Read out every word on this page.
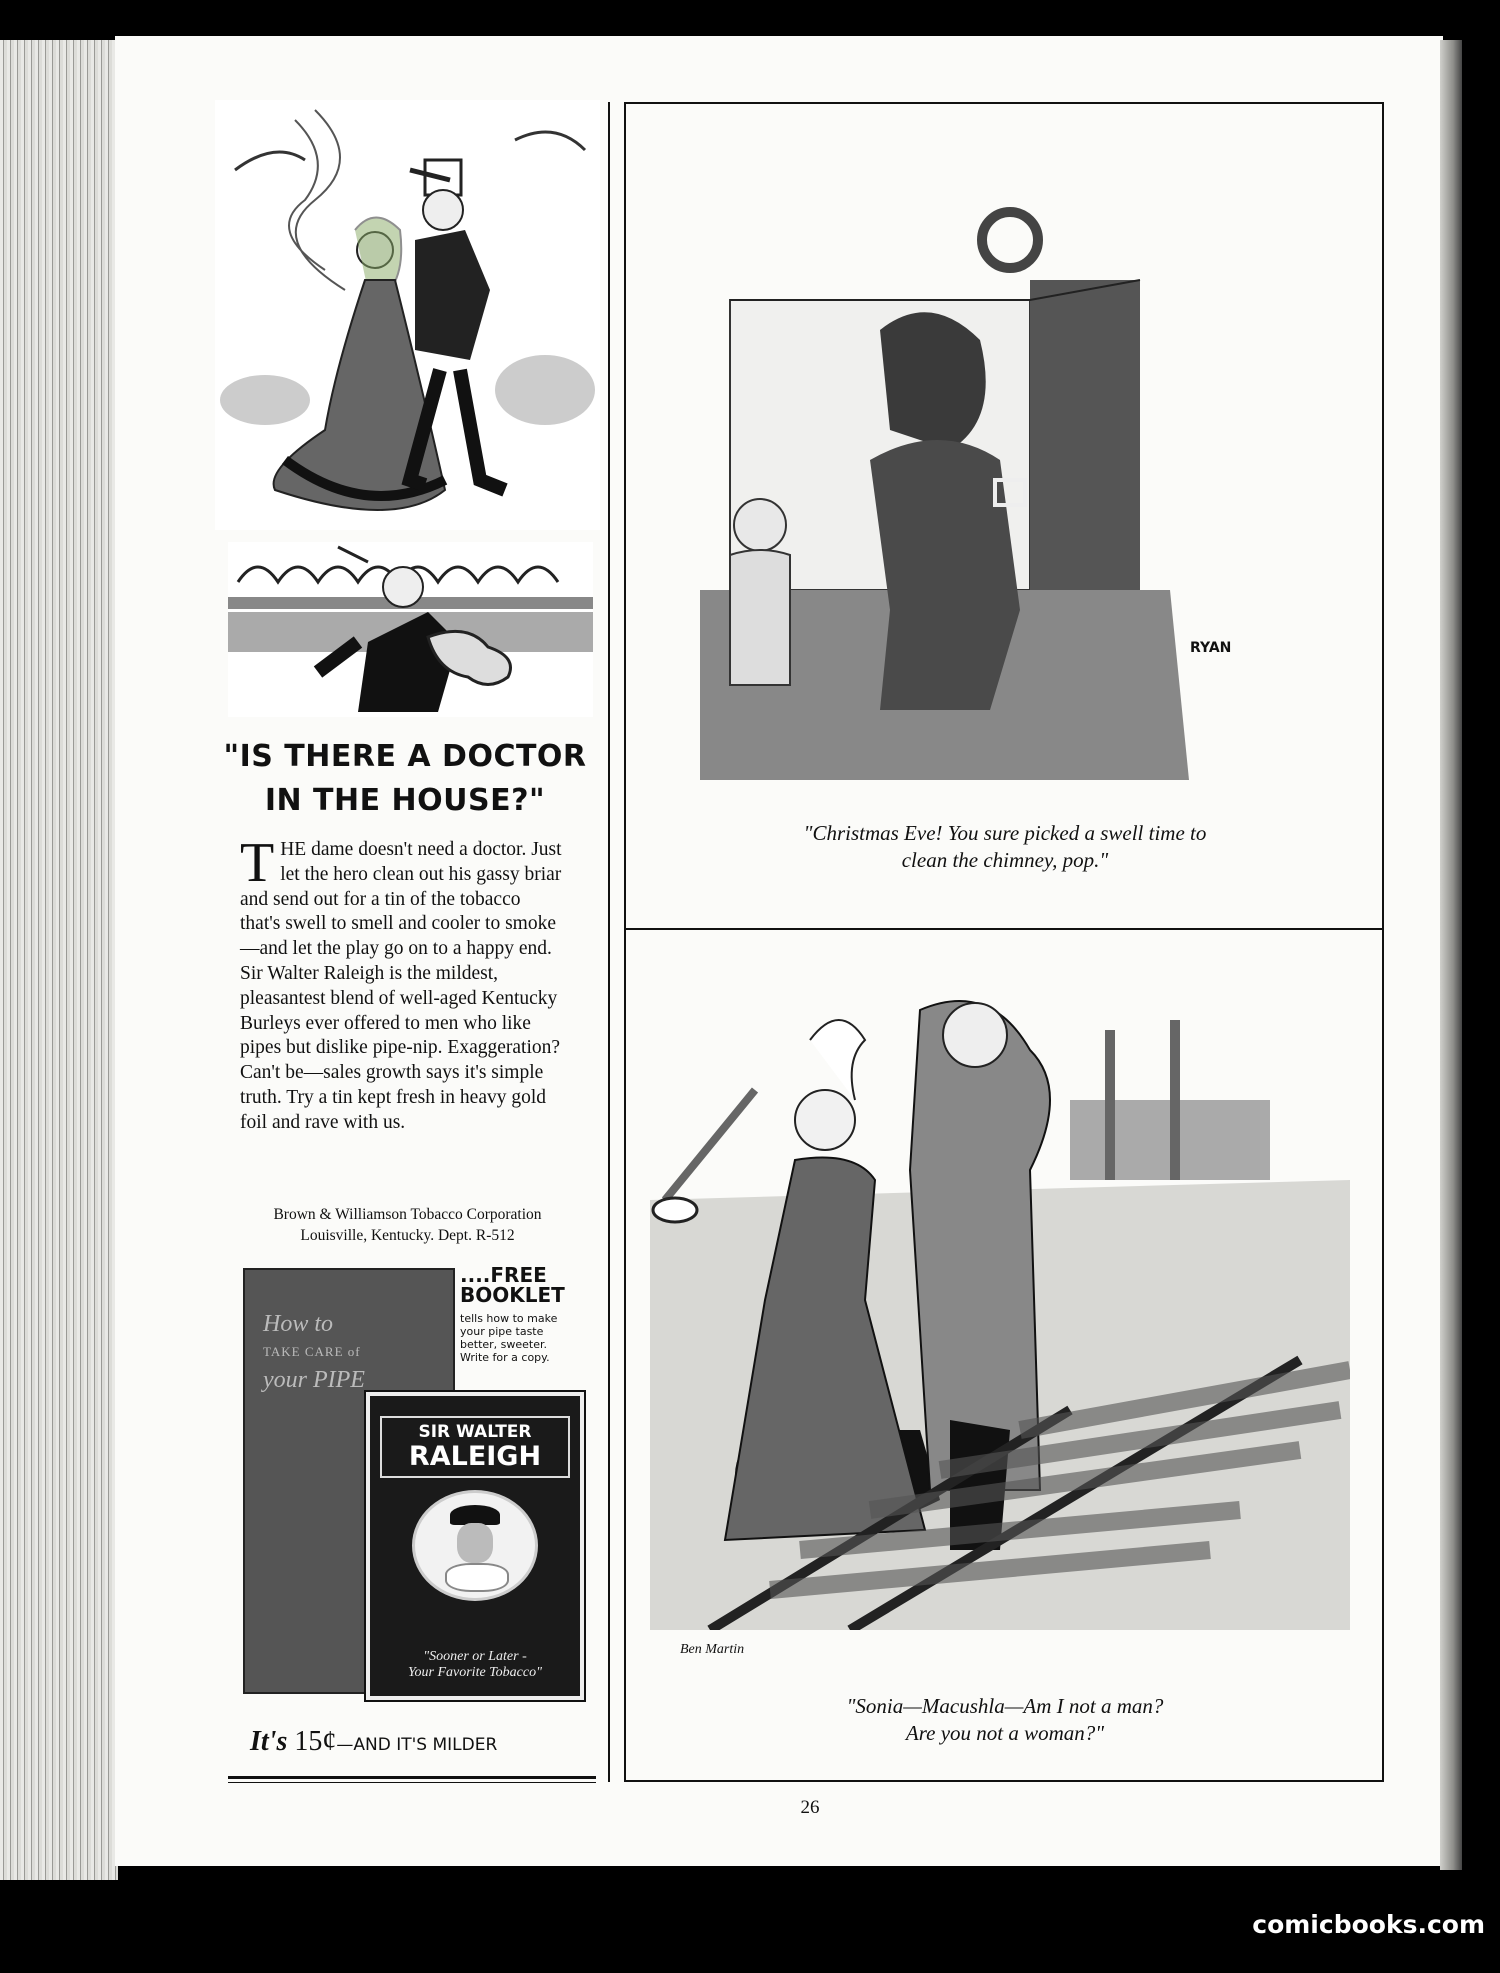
"IS THERE A DOCTOR
IN THE HOUSE?"
THE dame doesn't need a doctor. Just let the hero clean out his gassy briar and send out for a tin of the tobacco that's swell to smell and cooler to smoke—and let the play go on to a happy end. Sir Walter Raleigh is the mildest, pleasantest blend of well-aged Kentucky Burleys ever offered to men who like pipes but dislike pipe-nip. Exaggeration? Can't be—sales growth says it's simple truth. Try a tin kept fresh in heavy gold foil and rave with us.
Brown & Williamson Tobacco Corporation
Louisville, Kentucky. Dept. R-512
How to
TAKE CARE of
your PIPE
....FREE
BOOKLET
tells how to make your pipe taste better, sweeter. Write for a copy.
SIR WALTER
RALEIGH
"Sooner or Later -
Your Favorite Tobacco"
It's 15¢—AND IT'S MILDER
RYAN
"Christmas Eve! You sure picked a swell time to
clean the chimney, pop."
Ben Martin
"Sonia—Macushla—Am I not a man?
Are you not a woman?"
26
comicbooks.com
